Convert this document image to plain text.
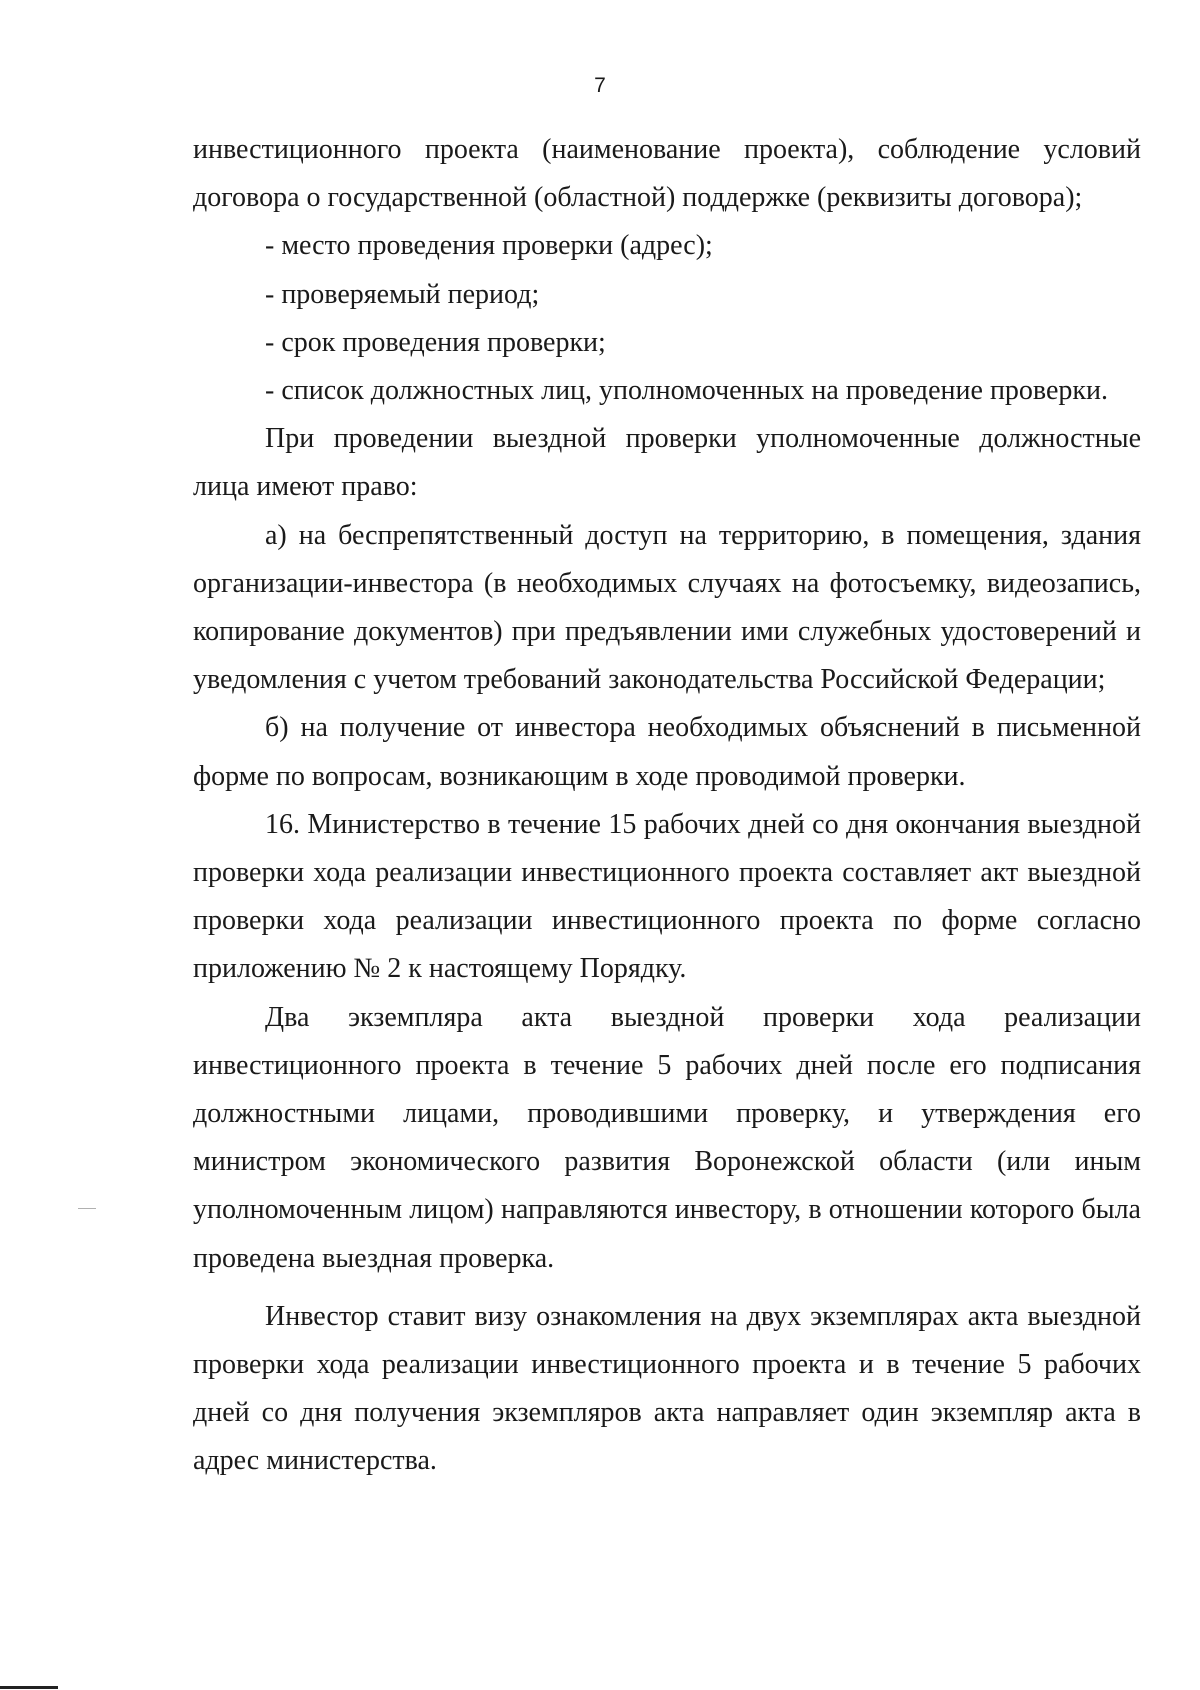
7

инвестиционного проекта (наименование проекта), соблюдение условий договора о государственной (областной) поддержке (реквизиты договора);

- место проведения проверки (адрес);

- проверяемый период;

- срок проведения проверки;

- список должностных лиц, уполномоченных на проведение проверки.

При проведении выездной проверки уполномоченные должностные лица имеют право:

а) на беспрепятственный доступ на территорию, в помещения, здания организации-инвестора (в необходимых случаях на фотосъемку, видеозапись, копирование документов) при предъявлении ими служебных удостоверений и уведомления с учетом требований законодательства Российской Федерации;

б) на получение от инвестора необходимых объяснений в письменной форме по вопросам, возникающим в ходе проводимой проверки.

16. Министерство в течение 15 рабочих дней со дня окончания выездной проверки хода реализации инвестиционного проекта составляет акт выездной проверки хода реализации инвестиционного проекта по форме согласно приложению № 2 к настоящему Порядку.

Два экземпляра акта выездной проверки хода реализации инвестиционного проекта в течение 5 рабочих дней после его подписания должностными лицами, проводившими проверку, и утверждения его министром экономического развития Воронежской области (или иным уполномоченным лицом) направляются инвестору, в отношении которого была проведена выездная проверка.

Инвестор ставит визу ознакомления на двух экземплярах акта выездной проверки хода реализации инвестиционного проекта и в течение 5 рабочих дней со дня получения экземпляров акта направляет один экземпляр акта в адрес министерства.
